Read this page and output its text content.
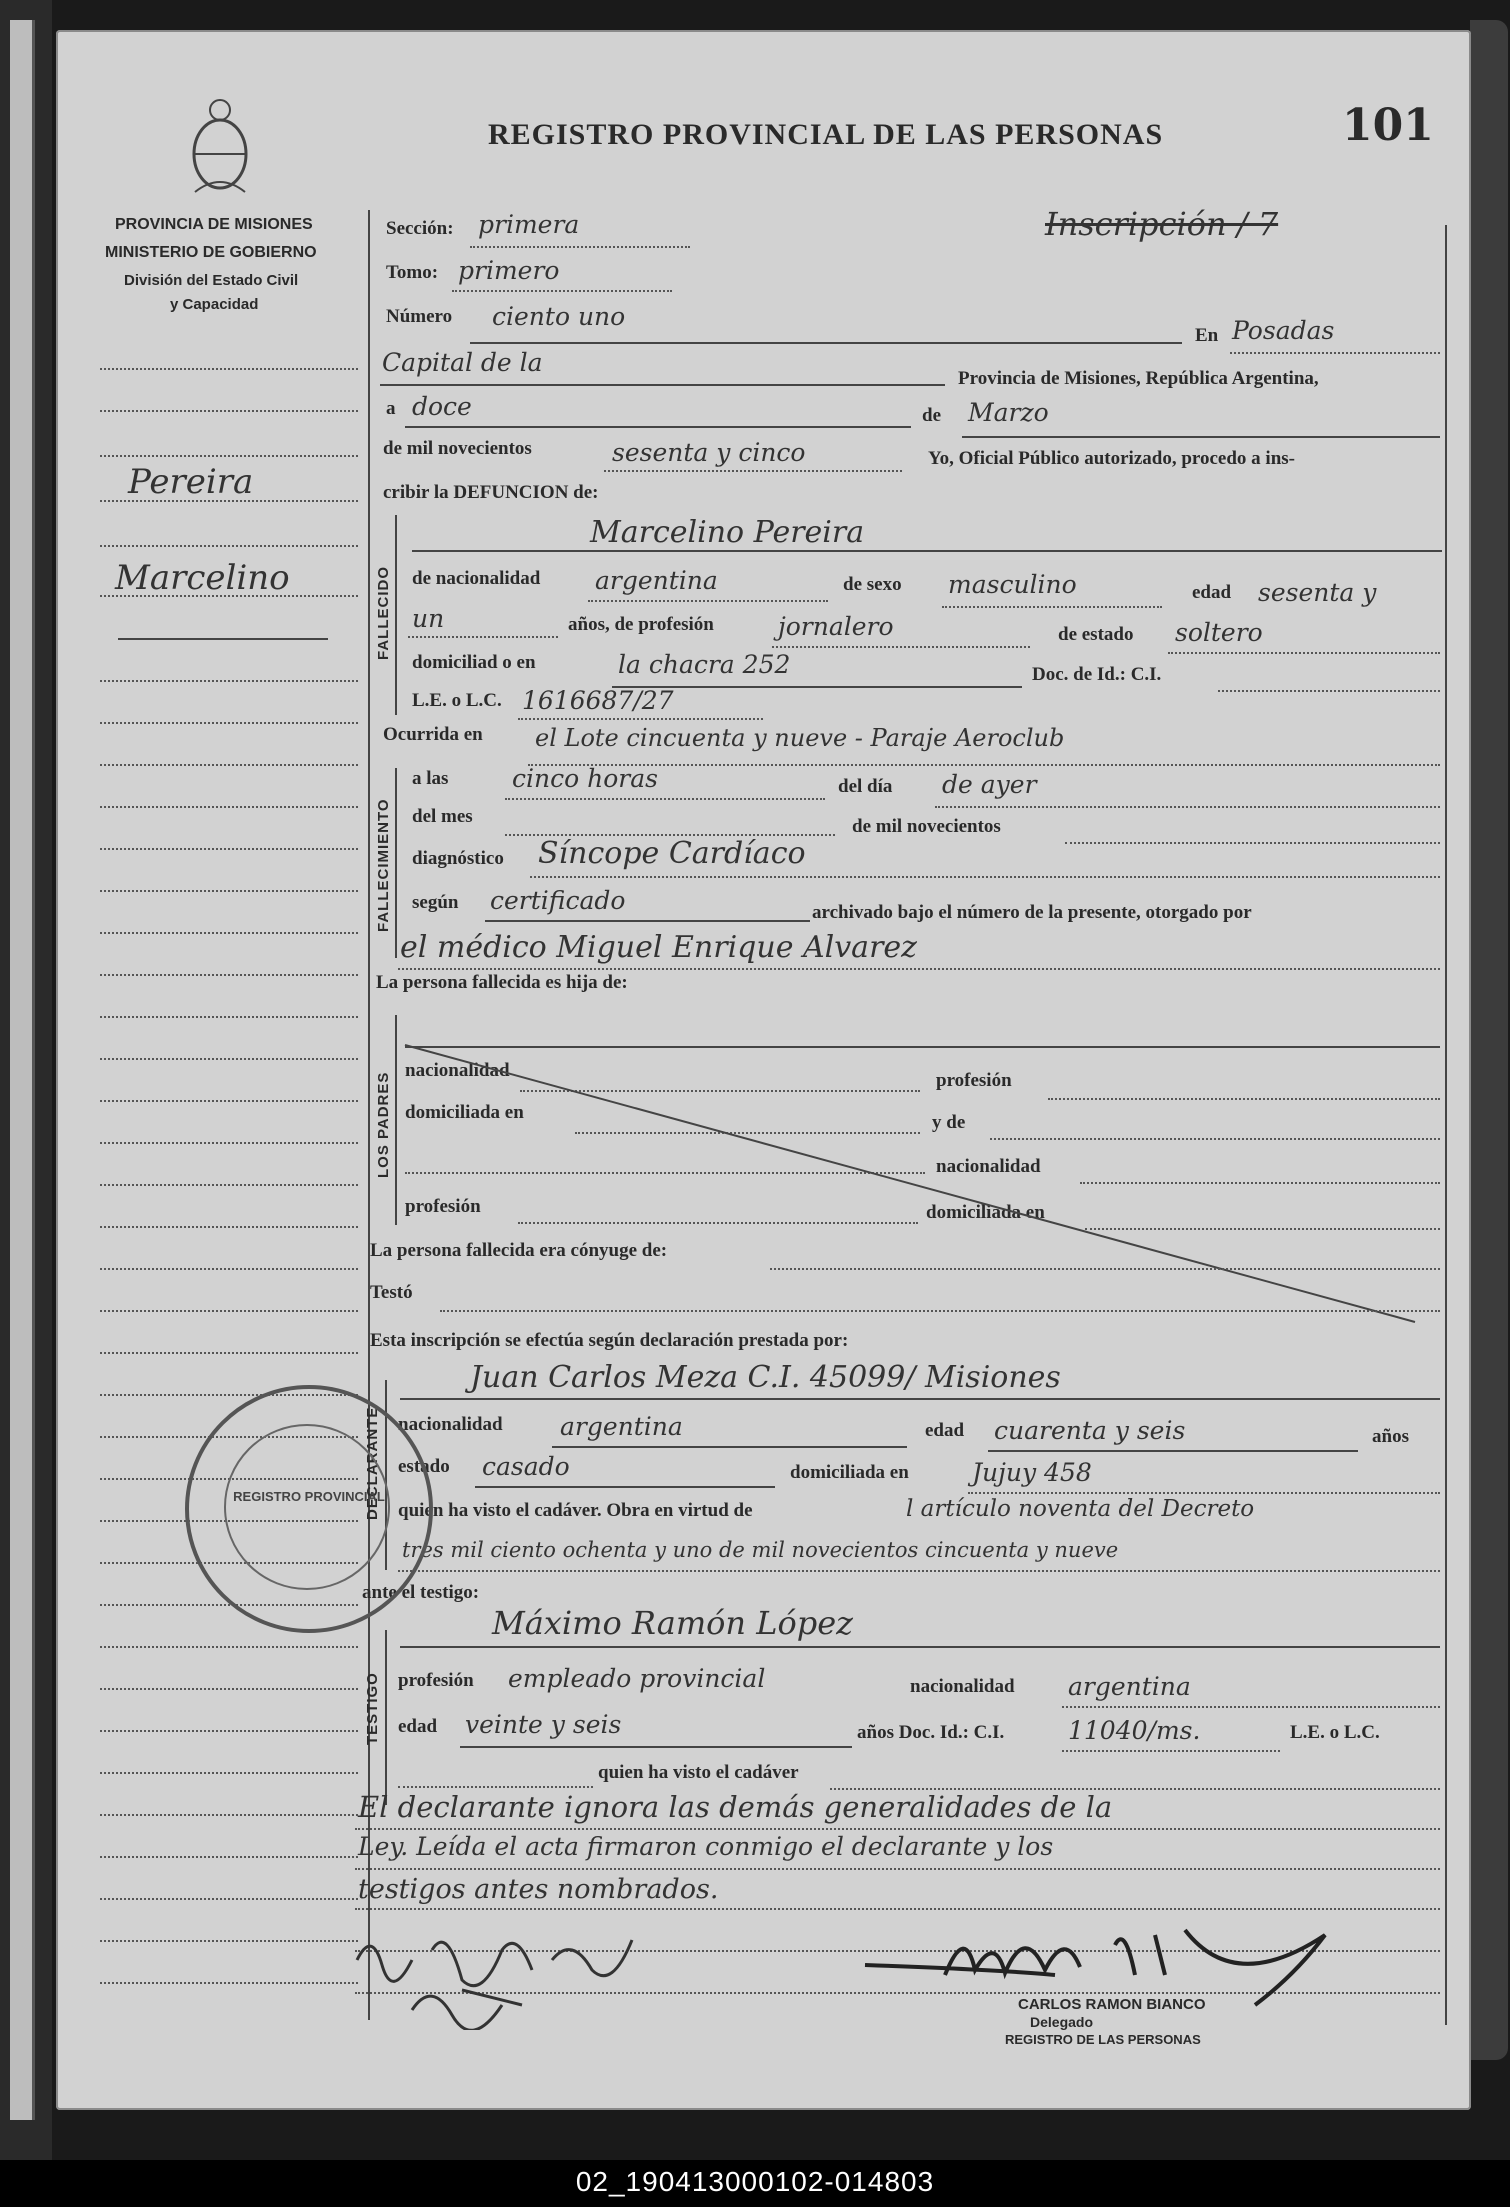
REGISTRO PROVINCIAL DE LAS PERSONAS	101
Inscripción / 7
PROVINCIA DE MISIONES
MINISTERIO DE GOBIERNO
División del Estado Civil
y Capacidad
Pereira
Marcelino
Sección: primera
Tomo: primero
Número ciento uno
En Posadas
Capital de la
Provincia de Misiones, República Argentina,
a doce	de Marzo
de mil novecientos	sesenta y cinco	Yo, Oficial Público autorizado, procedo a ins-
cribir la DEFUNCION de:
FALLECIDO
Marcelino Pereira
de nacionalidad argentina	de sexo masculino	edad sesenta y
un	años, de profesión	jornalero	de estado soltero
domiciliad o en	la chacra 252	Doc. de Id.: C.I.
L.E. o L.C. 1616687/27
Ocurrida en el Lote cincuenta y nueve - Paraje Aeroclub
FALLECIMIENTO
a las	cinco horas	del día de ayer
del mes	de mil novecientos
diagnóstico Síncope Cardíaco
según certificado	archivado bajo el número de la presente, otorgado por
el médico Miguel Enrique Alvarez
La persona fallecida es hija de:
LOS PADRES
nacionalidad	profesión
domiciliada en	y de
nacionalidad
profesión	domiciliada en
La persona fallecida era cónyuge de:
Testó
Esta inscripción se efectúa según declaración prestada por:
DECLARANTE
Juan Carlos Meza C.I. 45099/ Misiones
nacionalidad argentina	edad cuarenta y seis	años
estado casado	domiciliada en	Jujuy 458
quien ha visto el cadáver. Obra en virtud de	l artículo noventa del Decreto
tres mil ciento ochenta y uno de mil novecientos cincuenta y nueve
ante el testigo:
TESTIGO
Máximo Ramón López
profesión empleado provincial	nacionalidad argentina
edad veinte y seis	años Doc. Id.: C.I.	11040/ms.	L.E. o L.C.
quien ha visto el cadáver
El declarante ignora las demás generalidades de la
Ley. Leída el acta firmaron conmigo el declarante y los
testigos antes nombrados.
CARLOS RAMON BIANCO
Delegado
REGISTRO DE LAS PERSONAS
REGISTRO PROVINCIAL
02_190413000102-014803
